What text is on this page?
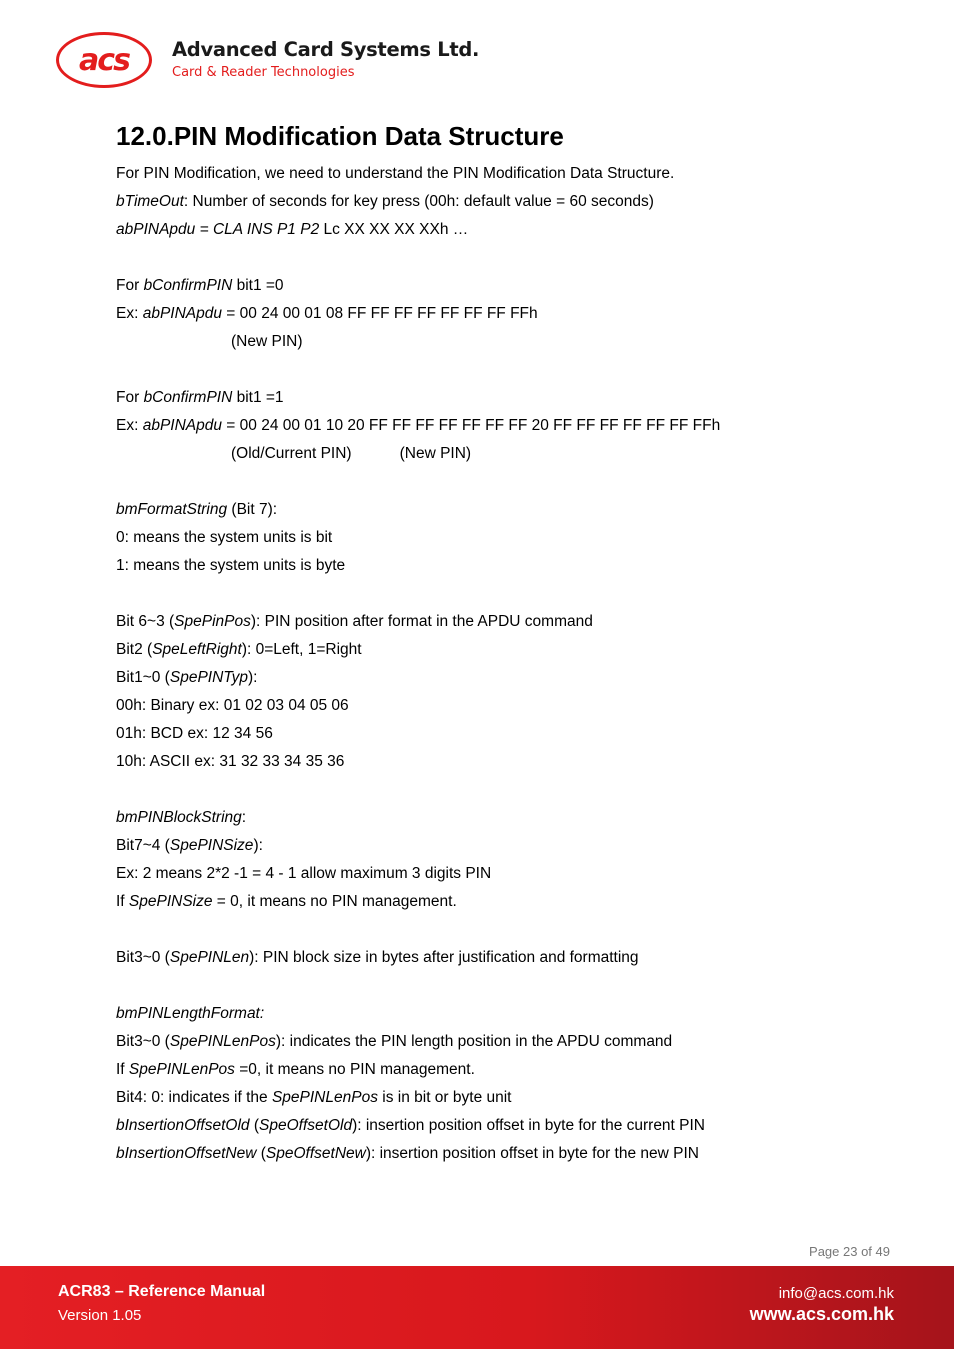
acs	Advanced Card Systems Ltd.
Card & Reader Technologies
12.0.PIN Modification Data Structure
For PIN Modification, we need to understand the PIN Modification Data Structure.
bTimeOut: Number of seconds for key press (00h: default value = 60 seconds)
abPINApdu = CLA INS P1 P2 Lc XX XX XX XXh …
For bConfirmPIN bit1 =0
Ex: abPINApdu = 00 24 00 01 08 FF FF FF FF FF FF FF FFh
(New PIN)
For bConfirmPIN bit1 =1
Ex: abPINApdu = 00 24 00 01 10 20 FF FF FF FF FF FF FF 20 FF FF FF FF FF FF FFh
(Old/Current PIN)	(New PIN)
bmFormatString (Bit 7):
0: means the system units is bit
1: means the system units is byte
Bit 6~3 (SpePinPos): PIN position after format in the APDU command
Bit2 (SpeLeftRight): 0=Left, 1=Right
Bit1~0 (SpePINTyp):
00h: Binary ex: 01 02 03 04 05 06
01h: BCD ex: 12 34 56
10h: ASCII ex: 31 32 33 34 35 36
bmPINBlockString:
Bit7~4 (SpePINSize):
Ex: 2 means 2*2 -1 = 4 - 1 allow maximum 3 digits PIN
If SpePINSize = 0, it means no PIN management.
Bit3~0 (SpePINLen): PIN block size in bytes after justification and formatting
bmPINLengthFormat:
Bit3~0 (SpePINLenPos): indicates the PIN length position in the APDU command
If SpePINLenPos =0, it means no PIN management.
Bit4: 0: indicates if the SpePINLenPos is in bit or byte unit
bInsertionOffsetOld (SpeOffsetOld): insertion position offset in byte for the current PIN
bInsertionOffsetNew (SpeOffsetNew): insertion position offset in byte for the new PIN
Page 23 of 49
ACR83 – Reference Manual
Version 1.05
info@acs.com.hk
www.acs.com.hk
